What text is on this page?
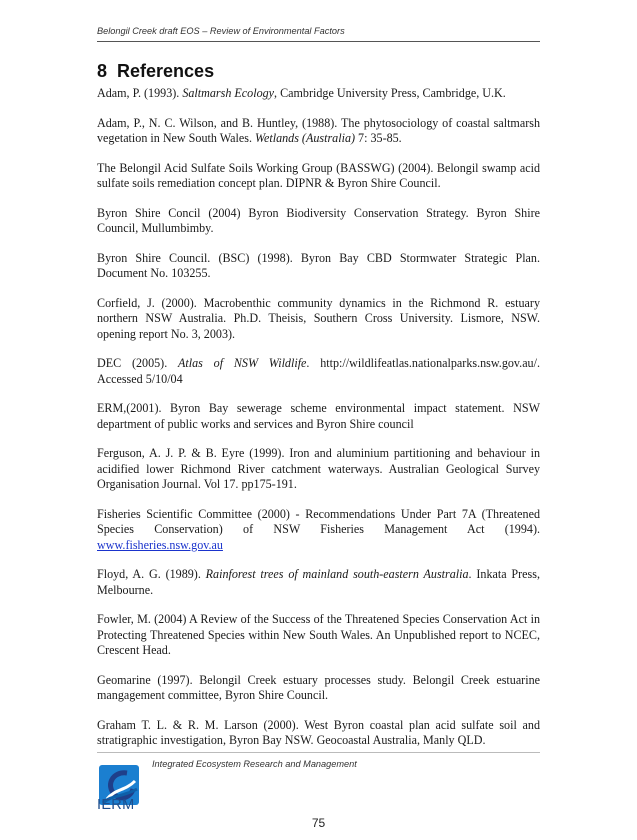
Belongil Creek draft EOS – Review of Environmental Factors
8 References

Adam, P. (1993). Saltmarsh Ecology, Cambridge University Press, Cambridge, U.K.

Adam, P., N. C. Wilson, and B. Huntley, (1988). The phytosociology of coastal saltmarsh vegetation in New South Wales. Wetlands (Australia) 7: 35-85.

The Belongil Acid Sulfate Soils Working Group (BASSWG) (2004). Belongil swamp acid sulfate soils remediation concept plan. DIPNR & Byron Shire Council.

Byron Shire Concil (2004) Byron Biodiversity Conservation Strategy. Byron Shire Council, Mullumbimby.

Byron Shire Council. (BSC) (1998). Byron Bay CBD Stormwater Strategic Plan. Document No. 103255.

Corfield, J. (2000). Macrobenthic community dynamics in the Richmond R. estuary northern NSW Australia. Ph.D. Theisis, Southern Cross University. Lismore, NSW. opening report No. 3, 2003).

DEC (2005). Atlas of NSW Wildlife. http://wildlifeatlas.nationalparks.nsw.gov.au/. Accessed 5/10/04

ERM,(2001). Byron Bay sewerage scheme environmental impact statement. NSW department of public works and services and Byron Shire council

Ferguson, A. J. P. & B. Eyre (1999). Iron and aluminium partitioning and behaviour in acidified lower Richmond River catchment waterways. Australian Geological Survey Organisation Journal. Vol 17. pp175-191.

Fisheries Scientific Committee (2000) - Recommendations Under Part 7A (Threatened Species Conservation) of NSW Fisheries Management Act (1994). www.fisheries.nsw.gov.au

Floyd, A. G. (1989). Rainforest trees of mainland south-eastern Australia. Inkata Press, Melbourne.

Fowler, M. (2004) A Review of the Success of the Threatened Species Conservation Act in Protecting Threatened Species within New South Wales. An Unpublished report to NCEC, Crescent Head.

Geomarine (1997). Belongil Creek estuary processes study. Belongil Creek estuarine mangagement committee, Byron Shire Council.

Graham T. L. & R. M. Larson (2000). West Byron coastal plan acid sulfate soil and stratigraphic investigation, Byron Bay NSW. Geocoastal Australia, Manly QLD.

IERM
Integrated Ecosystem Research and Management
75
